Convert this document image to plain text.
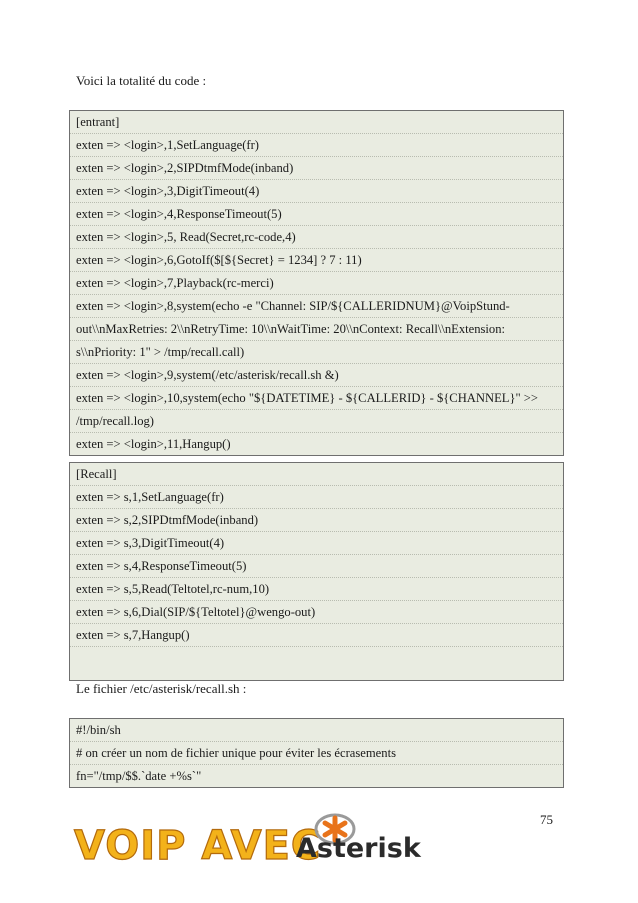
Voici la totalité du code :
[entrant]
exten => <login>,1,SetLanguage(fr)
exten => <login>,2,SIPDtmfMode(inband)
exten => <login>,3,DigitTimeout(4)
exten => <login>,4,ResponseTimeout(5)
exten => <login>,5, Read(Secret,rc-code,4)
exten => <login>,6,GotoIf($[${Secret} = 1234] ? 7 : 11)
exten => <login>,7,Playback(rc-merci)
exten => <login>,8,system(echo -e "Channel: SIP/${CALLERIDNUM}@VoipStund-
out\\nMaxRetries: 2\\nRetryTime: 10\\nWaitTime: 20\\nContext: Recall\\nExtension:
s\\nPriority: 1" > /tmp/recall.call)
exten => <login>,9,system(/etc/asterisk/recall.sh &)
exten => <login>,10,system(echo "${DATETIME} - ${CALLERID} - ${CHANNEL}" >>
/tmp/recall.log)
exten => <login>,11,Hangup()
[Recall]
exten => s,1,SetLanguage(fr)
exten => s,2,SIPDtmfMode(inband)
exten => s,3,DigitTimeout(4)
exten => s,4,ResponseTimeout(5)
exten => s,5,Read(Teltotel,rc-num,10)
exten => s,6,Dial(SIP/${Teltotel}@wengo-out)
exten => s,7,Hangup()
Le fichier /etc/asterisk/recall.sh :
#!/bin/sh
# on créer un nom de fichier unique pour éviter les écrasements
fn="/tmp/$$.`date +%s`"
75
VOIP AVEC
Asterisk
